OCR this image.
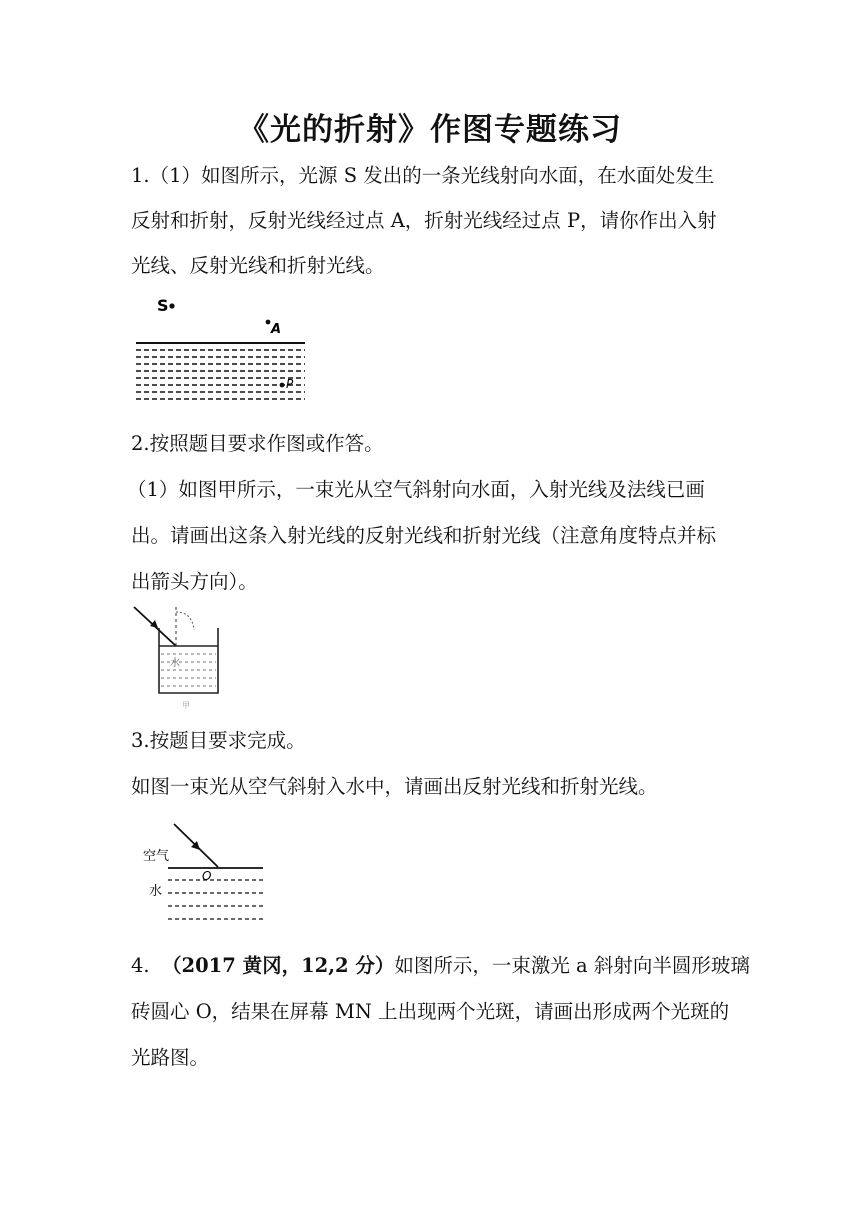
《光的折射》作图专题练习
1.（1）如图所示，光源 S 发出的一条光线射向水面，在水面处发生
反射和折射，反射光线经过点 A，折射光线经过点 P，请你作出入射
光线、反射光线和折射光线。
S
A
P
2.按照题目要求作图或作答。
（1）如图甲所示，一束光从空气斜射向水面，入射光线及法线已画
出。请画出这条入射光线的反射光线和折射光线（注意角度特点并标
出箭头方向）。
水
甲
3.按题目要求完成。
如图一束光从空气斜射入水中，请画出反射光线和折射光线。
空气
O
水
4. （2017 黄冈，12,2 分）如图所示，一束激光 a 斜射向半圆形玻璃
砖圆心 O，结果在屏幕 MN 上出现两个光斑，请画出形成两个光斑的
光路图。
